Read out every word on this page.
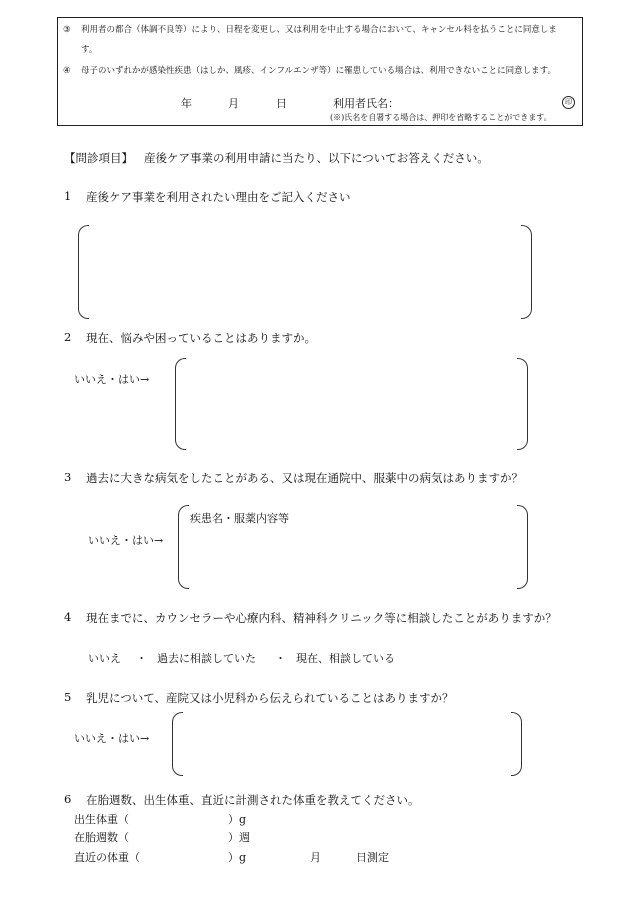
③ 利用者の都合（体調不良等）により、日程を変更し、又は利用を中止する場合において、キャンセル料を払うことに同意しま
す。
④ 母子のいずれかが感染性疾患（はしか、風疹、インフルエンザ等）に罹患している場合は、利用できないことに同意します。
年	月	日	利用者氏名：	印
(※)氏名を自署する場合は、押印を省略することができます。
【問診項目】 産後ケア事業の利用申請に当たり、以下についてお答えください。
1 産後ケア事業を利用されたい理由をご記入ください
2 現在、悩みや困っていることはありますか。
いいえ・はい→
3 過去に大きな病気をしたことがある、又は現在通院中、服薬中の病気はありますか？
いいえ・はい→
疾患名・服薬内容等
4 現在までに、カウンセラーや心療内科、精神科クリニック等に相談したことがありますか？
いいえ ・ 過去に相談していた ・ 現在、相談している
5 乳児について、産院又は小児科から伝えられていることはありますか？
いいえ・はい→
6 在胎週数、出生体重、直近に計測された体重を教えてください。
出生体重（	）g
在胎週数（	）週
直近の体重（	）g	月	日測定
